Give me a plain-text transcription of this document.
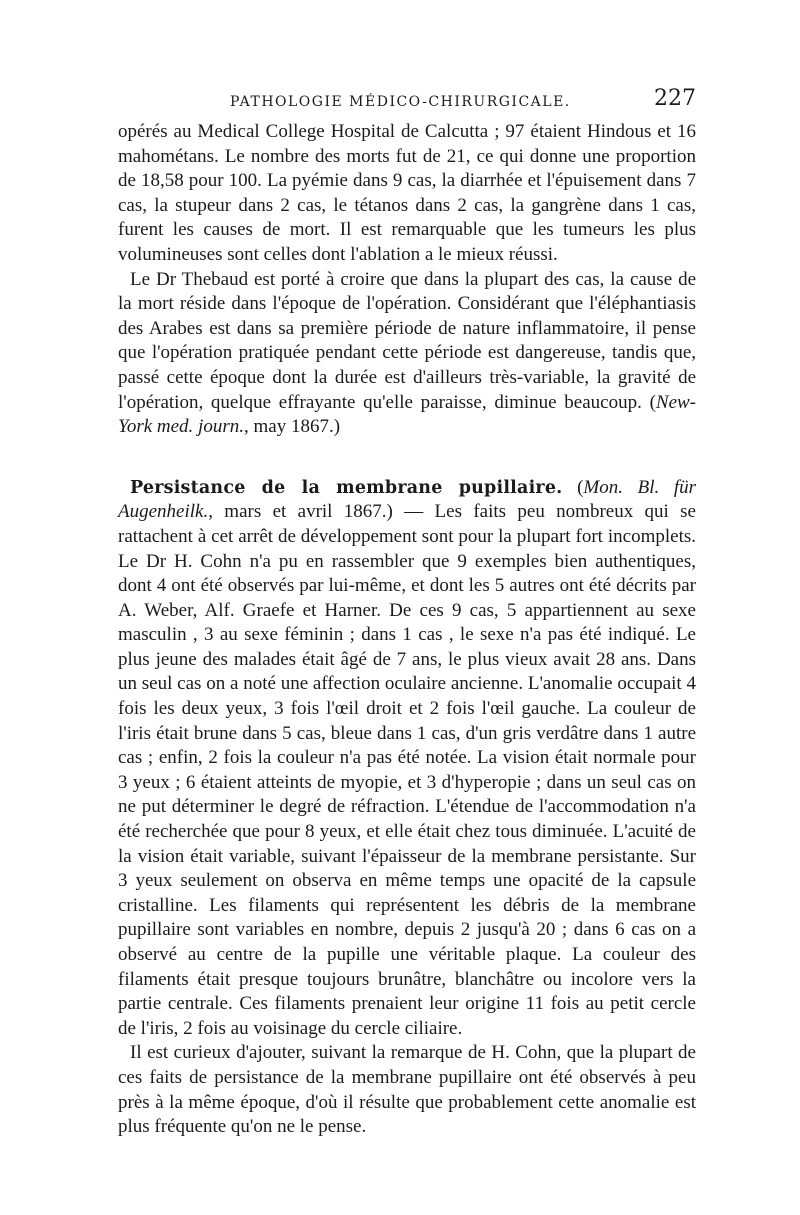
PATHOLOGIE MÉDICO-CHIRURGICALE.	227

opérés au Medical College Hospital de Calcutta ; 97 étaient Hindous et 16 mahométans. Le nombre des morts fut de 21, ce qui donne une proportion de 18,58 pour 100. La pyémie dans 9 cas, la diarrhée et l'épuisement dans 7 cas, la stupeur dans 2 cas, le tétanos dans 2 cas, la gangrène dans 1 cas, furent les causes de mort. Il est remarquable que les tumeurs les plus volumineuses sont celles dont l'ablation a le mieux réussi.

Le Dr Thebaud est porté à croire que dans la plupart des cas, la cause de la mort réside dans l'époque de l'opération. Considérant que l'éléphantiasis des Arabes est dans sa première période de nature inflammatoire, il pense que l'opération pratiquée pendant cette période est dangereuse, tandis que, passé cette époque dont la durée est d'ailleurs très-variable, la gravité de l'opération, quelque effrayante qu'elle paraisse, diminue beaucoup. (New-York med. journ., may 1867.)

Persistance de la membrane pupillaire. (Mon. Bl. für Augenheilk., mars et avril 1867.) — Les faits peu nombreux qui se rattachent à cet arrêt de développement sont pour la plupart fort incomplets. Le Dr H. Cohn n'a pu en rassembler que 9 exemples bien authentiques, dont 4 ont été observés par lui-même, et dont les 5 autres ont été décrits par A. Weber, Alf. Graefe et Harner. De ces 9 cas, 5 appartiennent au sexe masculin , 3 au sexe féminin ; dans 1 cas , le sexe n'a pas été indiqué. Le plus jeune des malades était âgé de 7 ans, le plus vieux avait 28 ans. Dans un seul cas on a noté une affection oculaire ancienne. L'anomalie occupait 4 fois les deux yeux, 3 fois l'œil droit et 2 fois l'œil gauche. La couleur de l'iris était brune dans 5 cas, bleue dans 1 cas, d'un gris verdâtre dans 1 autre cas ; enfin, 2 fois la couleur n'a pas été notée. La vision était normale pour 3 yeux ; 6 étaient atteints de myopie, et 3 d'hyperopie ; dans un seul cas on ne put déterminer le degré de réfraction. L'étendue de l'accommodation n'a été recherchée que pour 8 yeux, et elle était chez tous diminuée. L'acuité de la vision était variable, suivant l'épaisseur de la membrane persistante. Sur 3 yeux seulement on observa en même temps une opacité de la capsule cristalline. Les filaments qui représentent les débris de la membrane pupillaire sont variables en nombre, depuis 2 jusqu'à 20 ; dans 6 cas on a observé au centre de la pupille une véritable plaque. La couleur des filaments était presque toujours brunâtre, blanchâtre ou incolore vers la partie centrale. Ces filaments prenaient leur origine 11 fois au petit cercle de l'iris, 2 fois au voisinage du cercle ciliaire.

Il est curieux d'ajouter, suivant la remarque de H. Cohn, que la plupart de ces faits de persistance de la membrane pupillaire ont été observés à peu près à la même époque, d'où il résulte que probablement cette anomalie est plus fréquente qu'on ne le pense.
